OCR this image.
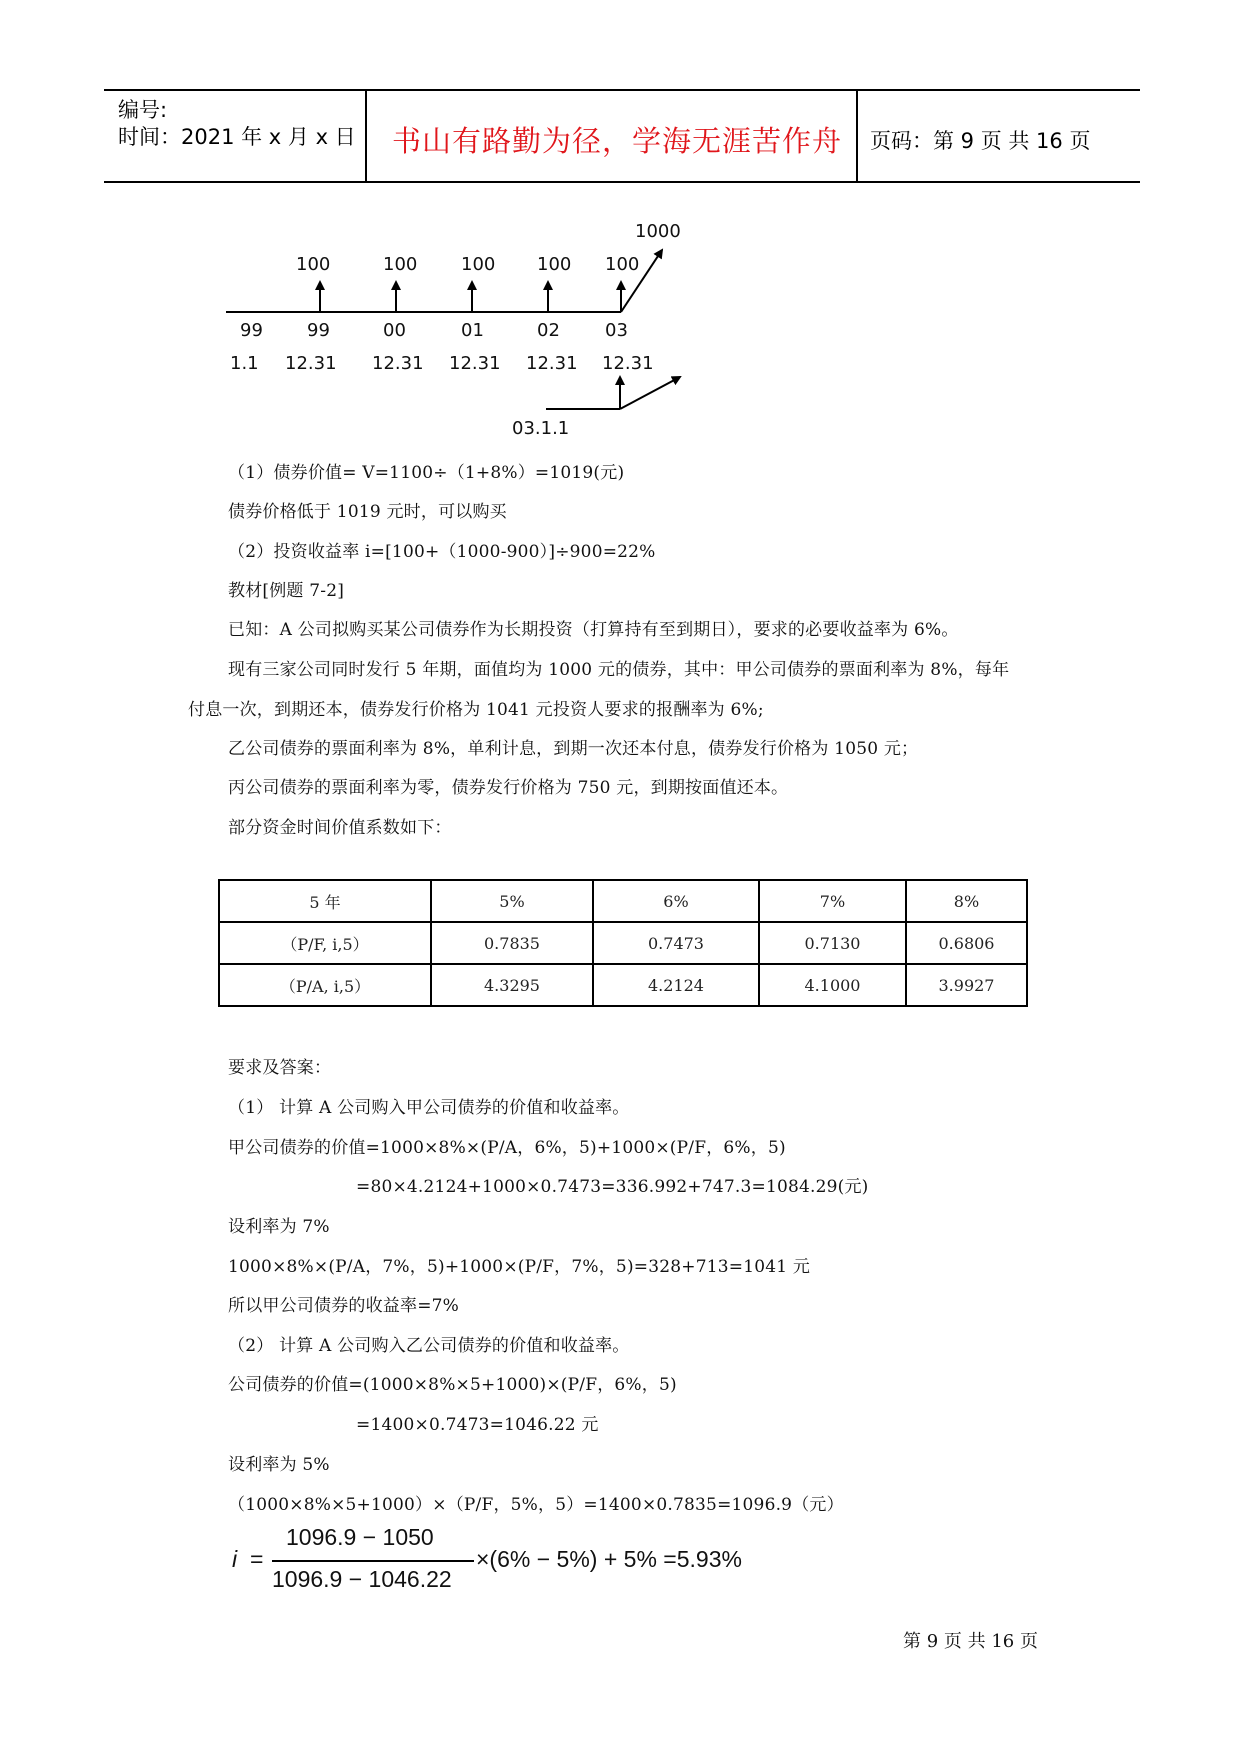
编号:
时间：2021 年 x 月 x 日 书山有路勤为径，学海无涯苦作舟 页码：第 9 页 共 16 页
1000
100	100 100 100 100
99 99	00	01	02	03
1.1 12.31 12.31 12.31 12.31 12.31
03.1.1
（1）债券价值= V=1100÷（1+8%）=1019(元)
债券价格低于 1019 元时，可以购买
（2）投资收益率 i=[100+（1000-900）]÷900=22%
教材[例题 7-2]
已知：A 公司拟购买某公司债券作为长期投资（打算持有至到期日），要求的必要收益率为 6%。
现有三家公司同时发行 5 年期，面值均为 1000 元的债券，其中：甲公司债券的票面利率为 8%，每年
付息一次，到期还本，债券发行价格为 1041 元投资人要求的报酬率为 6%;
乙公司债券的票面利率为 8%，单利计息，到期一次还本付息，债券发行价格为 1050 元；
丙公司债券的票面利率为零，债券发行价格为 750 元，到期按面值还本。
部分资金时间价值系数如下：
5 年	5%	6%	7%	8%
（P/F, i,5）	0.7835	0.7473	0.7130	0.6806
（P/A, i,5）	4.3295	4.2124	4.1000	3.9927
要求及答案：
（1） 计算 A 公司购入甲公司债券的价值和收益率。
甲公司债券的价值=1000×8%×(P/A，6%，5)+1000×(P/F，6%，5)
=80×4.2124+1000×0.7473=336.992+747.3=1084.29(元)
设利率为 7%
1000×8%×(P/A，7%，5)+1000×(P/F，7%，5)=328+713=1041 元
所以甲公司债券的收益率=7%
（2） 计算 A 公司购入乙公司债券的价值和收益率。
公司债券的价值=(1000×8%×5+1000)×(P/F，6%，5)
=1400×0.7473=1046.22 元
设利率为 5%
（1000×8%×5+1000）×（P/F，5%，5）=1400×0.7835=1096.9（元）
i =
1096.9 − 1050
1096.9 − 1046.22
×(6% − 5%) + 5% =5.93%
第 9 页 共 16 页
